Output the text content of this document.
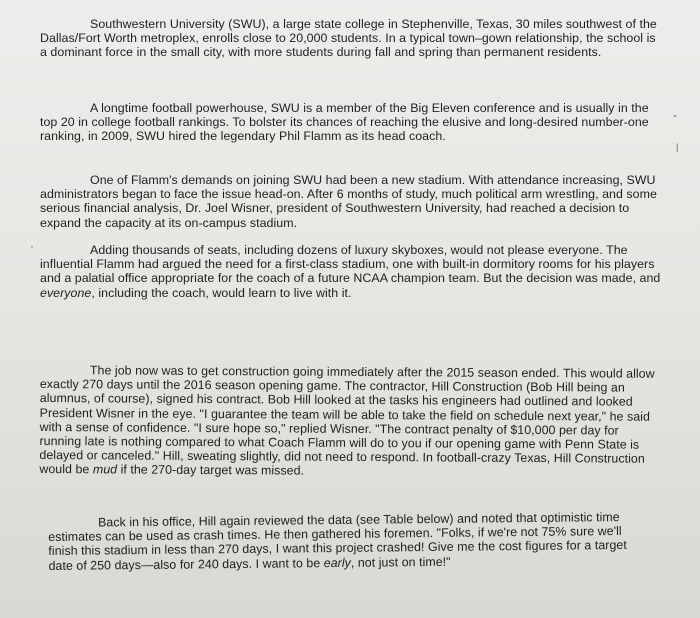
Southwestern University (SWU), a large state college in Stephenville, Texas, 30 miles southwest of the Dallas/Fort Worth metroplex, enrolls close to 20,000 students. In a typical town–gown relationship, the school is a dominant force in the small city, with more students during fall and spring than permanent residents.

A longtime football powerhouse, SWU is a member of the Big Eleven conference and is usually in the top 20 in college football rankings. To bolster its chances of reaching the elusive and long-desired number-one ranking, in 2009, SWU hired the legendary Phil Flamm as its head coach.

One of Flamm's demands on joining SWU had been a new stadium. With attendance increasing, SWU administrators began to face the issue head-on. After 6 months of study, much political arm wrestling, and some serious financial analysis, Dr. Joel Wisner, president of Southwestern University, had reached a decision to expand the capacity at its on-campus stadium.

Adding thousands of seats, including dozens of luxury skyboxes, would not please everyone. The influential Flamm had argued the need for a first-class stadium, one with built-in dormitory rooms for his players and a palatial office appropriate for the coach of a future NCAA champion team. But the decision was made, and everyone, including the coach, would learn to live with it.

The job now was to get construction going immediately after the 2015 season ended. This would allow exactly 270 days until the 2016 season opening game. The contractor, Hill Construction (Bob Hill being an alumnus, of course), signed his contract. Bob Hill looked at the tasks his engineers had outlined and looked President Wisner in the eye. "I guarantee the team will be able to take the field on schedule next year," he said with a sense of confidence. "I sure hope so," replied Wisner. "The contract penalty of $10,000 per day for running late is nothing compared to what Coach Flamm will do to you if our opening game with Penn State is delayed or canceled." Hill, sweating slightly, did not need to respond. In football-crazy Texas, Hill Construction would be mud if the 270-day target was missed.

Back in his office, Hill again reviewed the data (see Table below) and noted that optimistic time estimates can be used as crash times. He then gathered his foremen. "Folks, if we're not 75% sure we'll finish this stadium in less than 270 days, I want this project crashed! Give me the cost figures for a target date of 250 days—also for 240 days. I want to be early, not just on time!"

-
|
·
